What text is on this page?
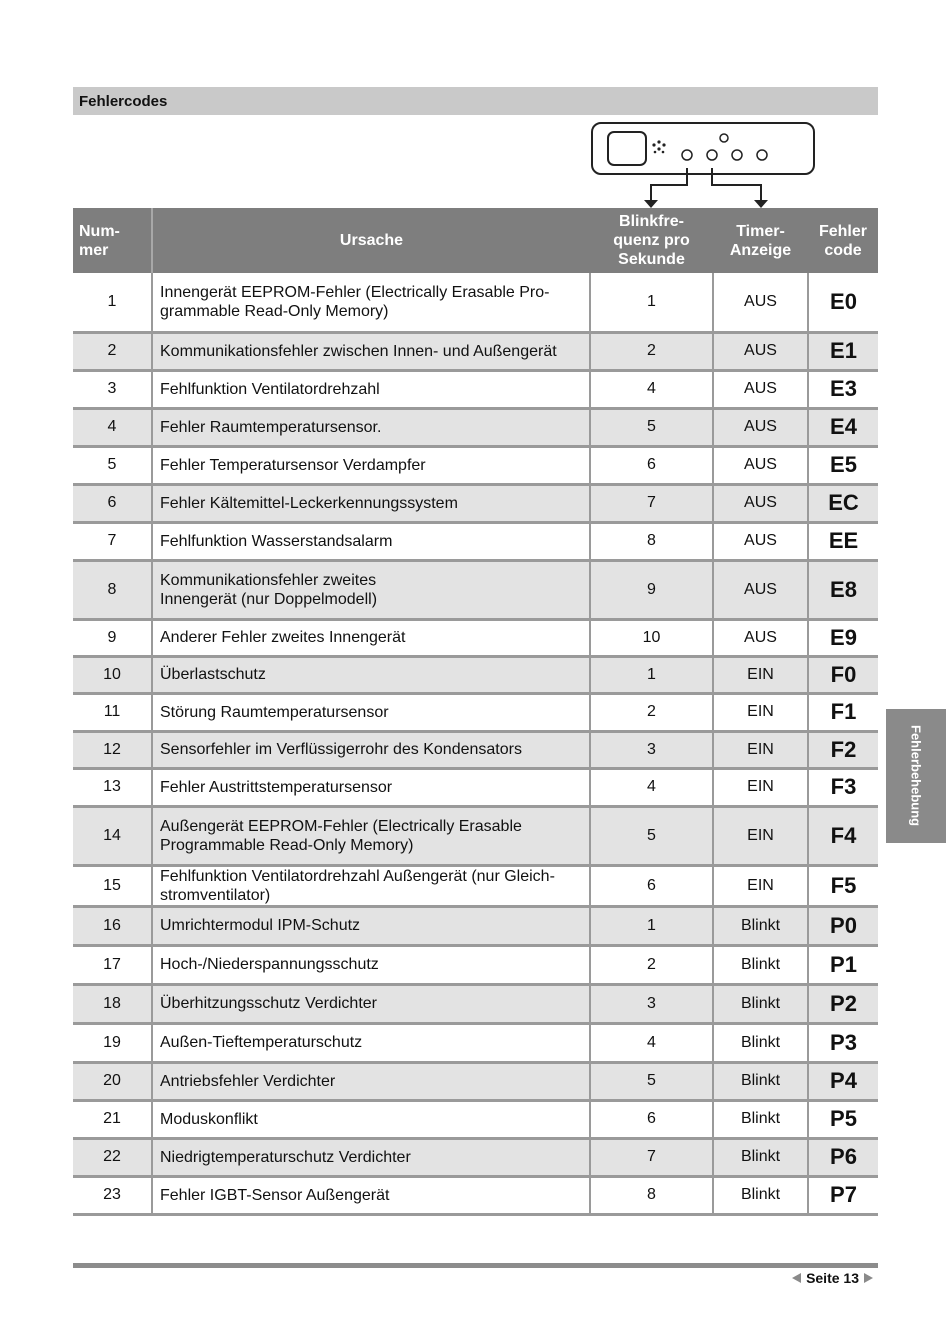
Fehlercodes
Num-
mer	Ursache	Blinkfre-
quenz pro
Sekunde	Timer-
Anzeige	Fehler
code
1	Innengerät EEPROM-Fehler (Electrically Erasable Pro-
grammable Read-Only Memory)	1	AUS	E0
2	Kommunikationsfehler zwischen Innen- und Außengerät	2	AUS	E1
3	Fehlfunktion Ventilatordrehzahl	4	AUS	E3
4	Fehler Raumtemperatursensor.	5	AUS	E4
5	Fehler Temperatursensor Verdampfer	6	AUS	E5
6	Fehler Kältemittel-Leckerkennungssystem	7	AUS	EC
7	Fehlfunktion Wasserstandsalarm	8	AUS	EE
8	Kommunikationsfehler zweites
Innengerät (nur Doppelmodell)	9	AUS	E8
9	Anderer Fehler zweites Innengerät	10	AUS	E9
10	Überlastschutz	1	EIN	F0
11	Störung Raumtemperatursensor	2	EIN	F1
12	Sensorfehler im Verflüssigerrohr des Kondensators	3	EIN	F2
13	Fehler Austrittstemperatursensor	4	EIN	F3
14	Außengerät EEPROM-Fehler (Electrically Erasable
Programmable Read-Only Memory)	5	EIN	F4
15	Fehlfunktion Ventilatordrehzahl Außengerät (nur Gleich-
stromventilator)	6	EIN	F5
16	Umrichtermodul IPM-Schutz	1	Blinkt	P0
17	Hoch-/Niederspannungsschutz	2	Blinkt	P1
18	Überhitzungsschutz Verdichter	3	Blinkt	P2
19	Außen-Tieftemperaturschutz	4	Blinkt	P3
20	Antriebsfehler Verdichter	5	Blinkt	P4
21	Moduskonflikt	6	Blinkt	P5
22	Niedrigtemperaturschutz Verdichter	7	Blinkt	P6
23	Fehler IGBT-Sensor Außengerät	8	Blinkt	P7
Fehlerbehebung
Seite 13
